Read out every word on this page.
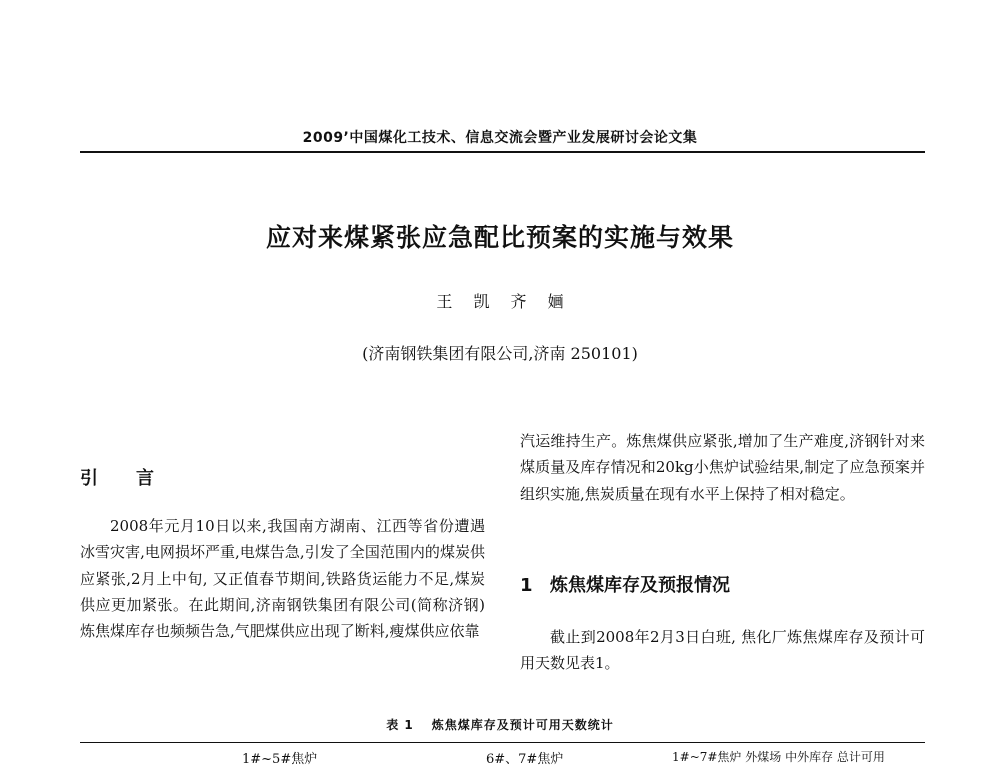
2009’中国煤化工技术、信息交流会暨产业发展研讨会论文集
应对来煤紧张应急配比预案的实施与效果
王 凯 齐 婳
(济南钢铁集团有限公司,济南 250101)
引 言

2008年元月10日以来,我国南方湖南、江西等省份遭遇冰雪灾害,电网损坏严重,电煤告急,引发了全国范围内的煤炭供应紧张,2月上中旬, 又正值春节期间,铁路货运能力不足,煤炭供应更加紧张。在此期间,济南钢铁集团有限公司(简称济钢)炼焦煤库存也频频告急,气肥煤供应出现了断料,瘦煤供应依靠

汽运维持生产。炼焦煤供应紧张,增加了生产难度,济钢针对来煤质量及库存情况和20kg小焦炉试验结果,制定了应急预案并组织实施,焦炭质量在现有水平上保持了相对稳定。

1 炼焦煤库存及预报情况

截止到2008年2月3日白班, 焦化厂炼焦煤库存及预计可用天数见表1。

表 1 炼焦煤库存及预计可用天数统计
1#~5#焦炉	6#、7#焦炉	1#~7#焦炉 外煤场 中外库存 总计可用
